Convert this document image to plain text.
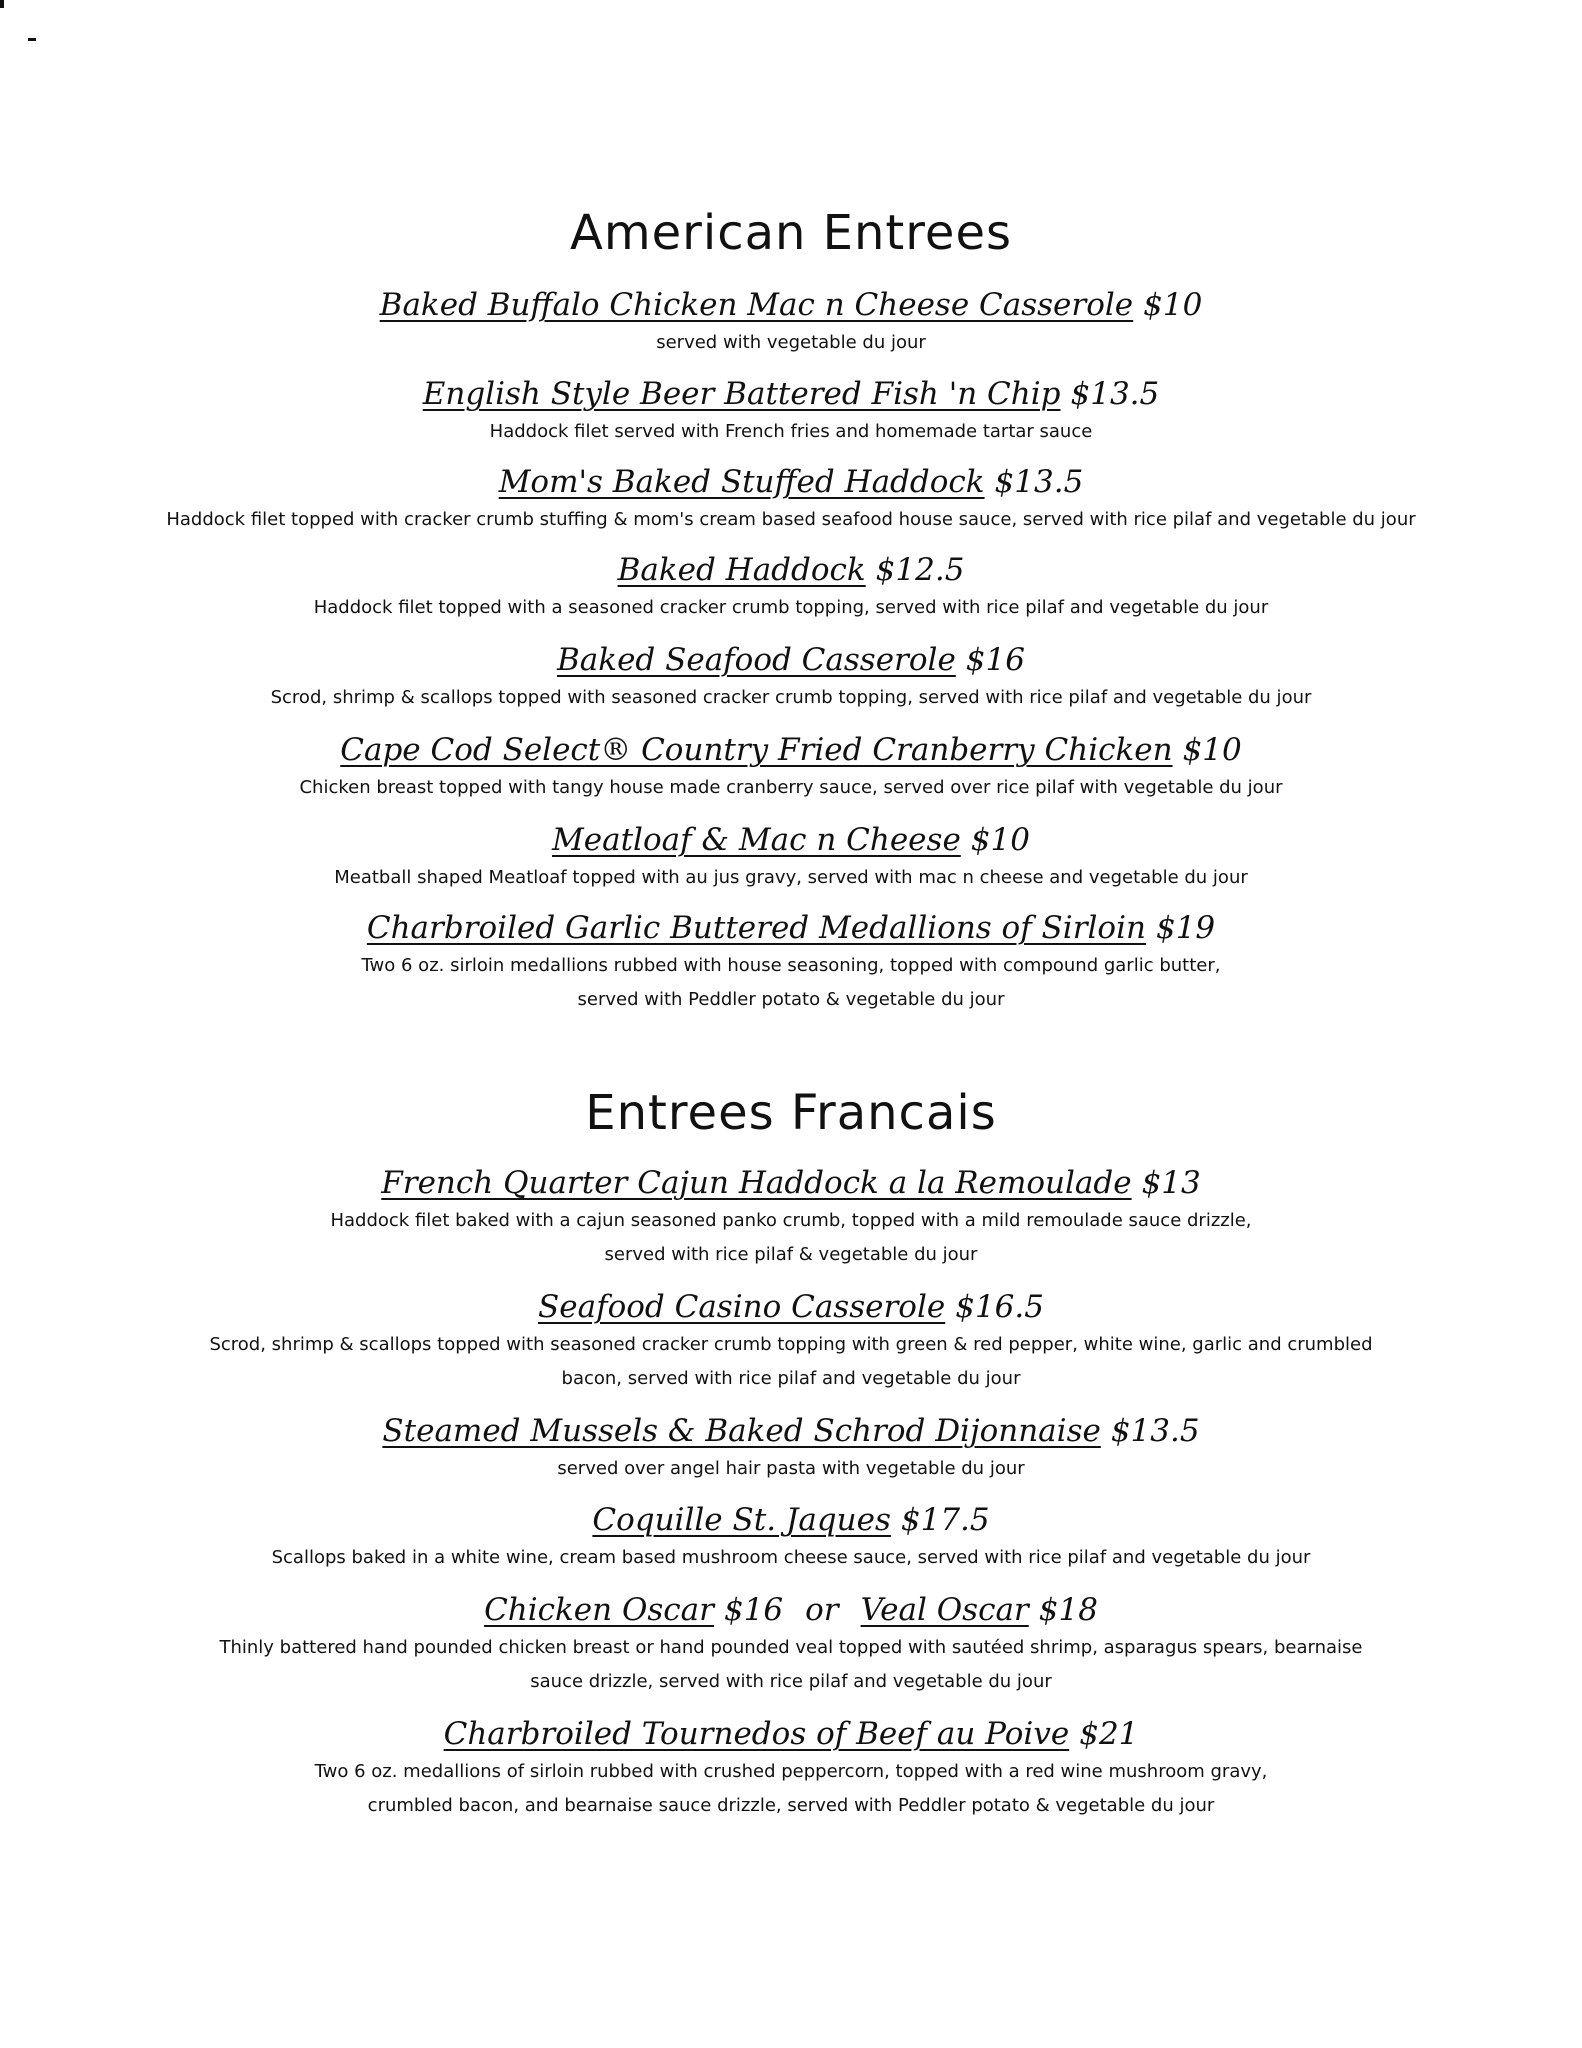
American Entrees
Baked Buffalo Chicken Mac n Cheese Casserole $10
served with vegetable du jour
English Style Beer Battered Fish 'n Chip $13.5
Haddock filet served with French fries and homemade tartar sauce
Mom's Baked Stuffed Haddock $13.5
Haddock filet topped with cracker crumb stuffing & mom's cream based seafood house sauce, served with rice pilaf and vegetable du jour
Baked Haddock $12.5
Haddock filet topped with a seasoned cracker crumb topping, served with rice pilaf and vegetable du jour
Baked Seafood Casserole $16
Scrod, shrimp & scallops topped with seasoned cracker crumb topping, served with rice pilaf and vegetable du jour
Cape Cod Select® Country Fried Cranberry Chicken $10
Chicken breast topped with tangy house made cranberry sauce, served over rice pilaf with vegetable du jour
Meatloaf & Mac n Cheese $10
Meatball shaped Meatloaf topped with au jus gravy, served with mac n cheese and vegetable du jour
Charbroiled Garlic Buttered Medallions of Sirloin $19
Two 6 oz. sirloin medallions rubbed with house seasoning, topped with compound garlic butter,
served with Peddler potato & vegetable du jour
Entrees Francais
French Quarter Cajun Haddock a la Remoulade $13
Haddock filet baked with a cajun seasoned panko crumb, topped with a mild remoulade sauce drizzle,
served with rice pilaf & vegetable du jour
Seafood Casino Casserole $16.5
Scrod, shrimp & scallops topped with seasoned cracker crumb topping with green & red pepper, white wine, garlic and crumbled
bacon, served with rice pilaf and vegetable du jour
Steamed Mussels & Baked Schrod Dijonnaise $13.5
served over angel hair pasta with vegetable du jour
Coquille St. Jaques $17.5
Scallops baked in a white wine, cream based mushroom cheese sauce, served with rice pilaf and vegetable du jour
Chicken Oscar $16 or Veal Oscar $18
Thinly battered hand pounded chicken breast or hand pounded veal topped with sautéed shrimp, asparagus spears, bearnaise
sauce drizzle, served with rice pilaf and vegetable du jour
Charbroiled Tournedos of Beef au Poive $21
Two 6 oz. medallions of sirloin rubbed with crushed peppercorn, topped with a red wine mushroom gravy,
crumbled bacon, and bearnaise sauce drizzle, served with Peddler potato & vegetable du jour
